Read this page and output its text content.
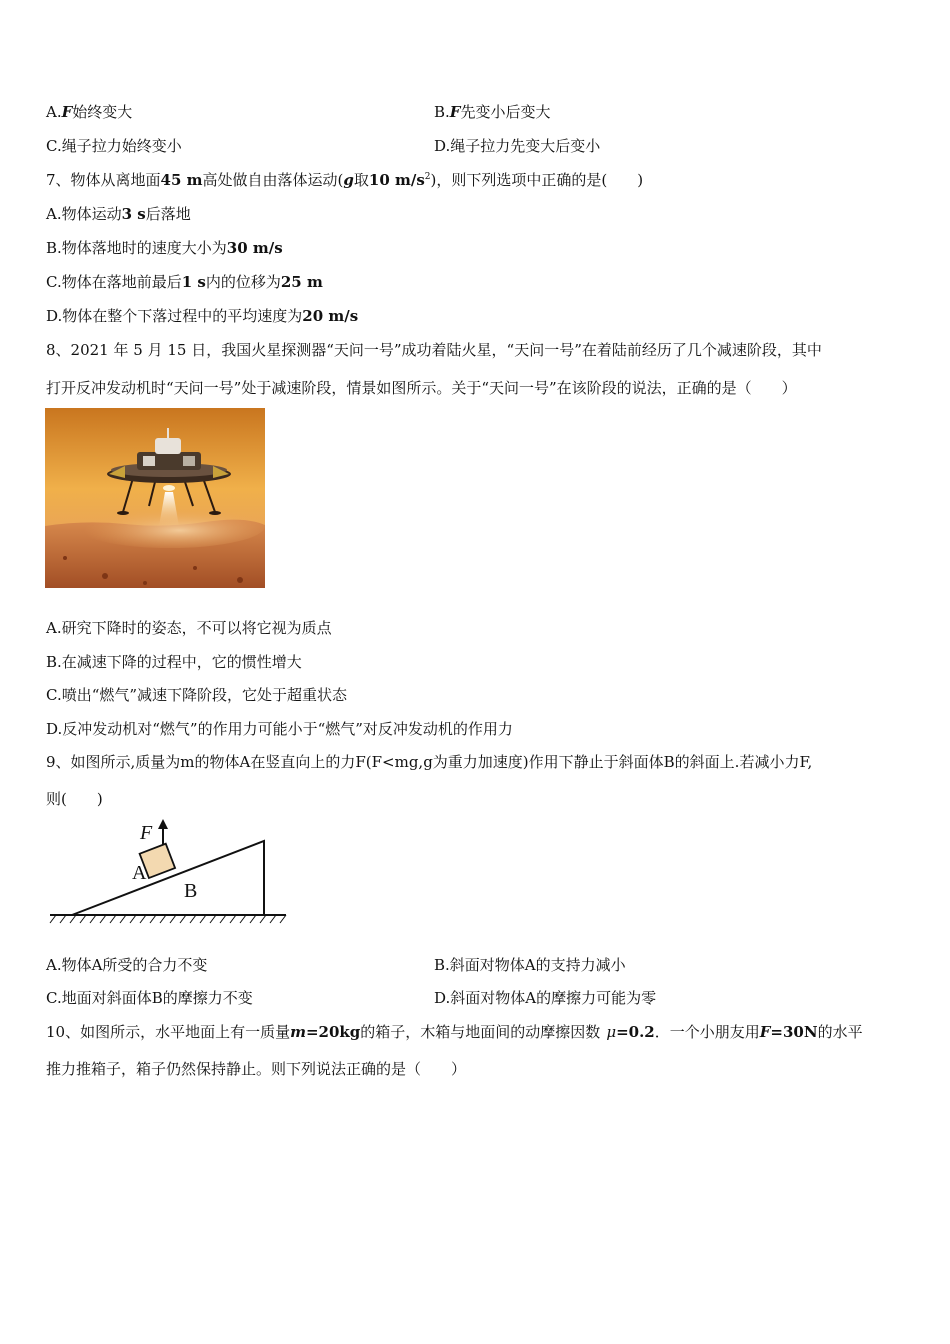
A.F始终变大	B.F先变小后变大
C.绳子拉力始终变小	D.绳子拉力先变大后变小
7、物体从离地面45 m高处做自由落体运动(g取10 $m/s^2$)，则下列选项中正确的是(　　)
A.物体运动3 s后落地
B.物体落地时的速度大小为30 m/s
C.物体在落地前最后1 s内的位移为25 m
D.物体在整个下落过程中的平均速度为20 m/s
8、2021 年 5 月 15 日，我国火星探测器“天问一号”成功着陆火星，“天问一号”在着陆前经历了几个减速阶段，其中
打开反冲发动机时“天问一号”处于减速阶段，情景如图所示。关于“天问一号”在该阶段的说法，正确的是（　　）
A.研究下降时的姿态，不可以将它视为质点
B.在减速下降的过程中，它的惯性增大
C.喷出“燃气”减速下降阶段，它处于超重状态
D.反冲发动机对“燃气”的作用力可能小于“燃气”对反冲发动机的作用力
9、如图所示,质量为m的物体A在竖直向上的力F(F<mg,g为重力加速度)作用下静止于斜面体B的斜面上.若减小力F,
则(　　)
F
A
B
A.物体A所受的合力不变	B.斜面对物体A的支持力减小
C.地面对斜面体B的摩擦力不变	D.斜面对物体A的摩擦力可能为零
10、如图所示，水平地面上有一质量m=20kg的箱子，木箱与地面间的动摩擦因数 μ=0.2．一个小朋友用F=30N的水平
推力推箱子，箱子仍然保持静止。则下列说法正确的是（　　）
